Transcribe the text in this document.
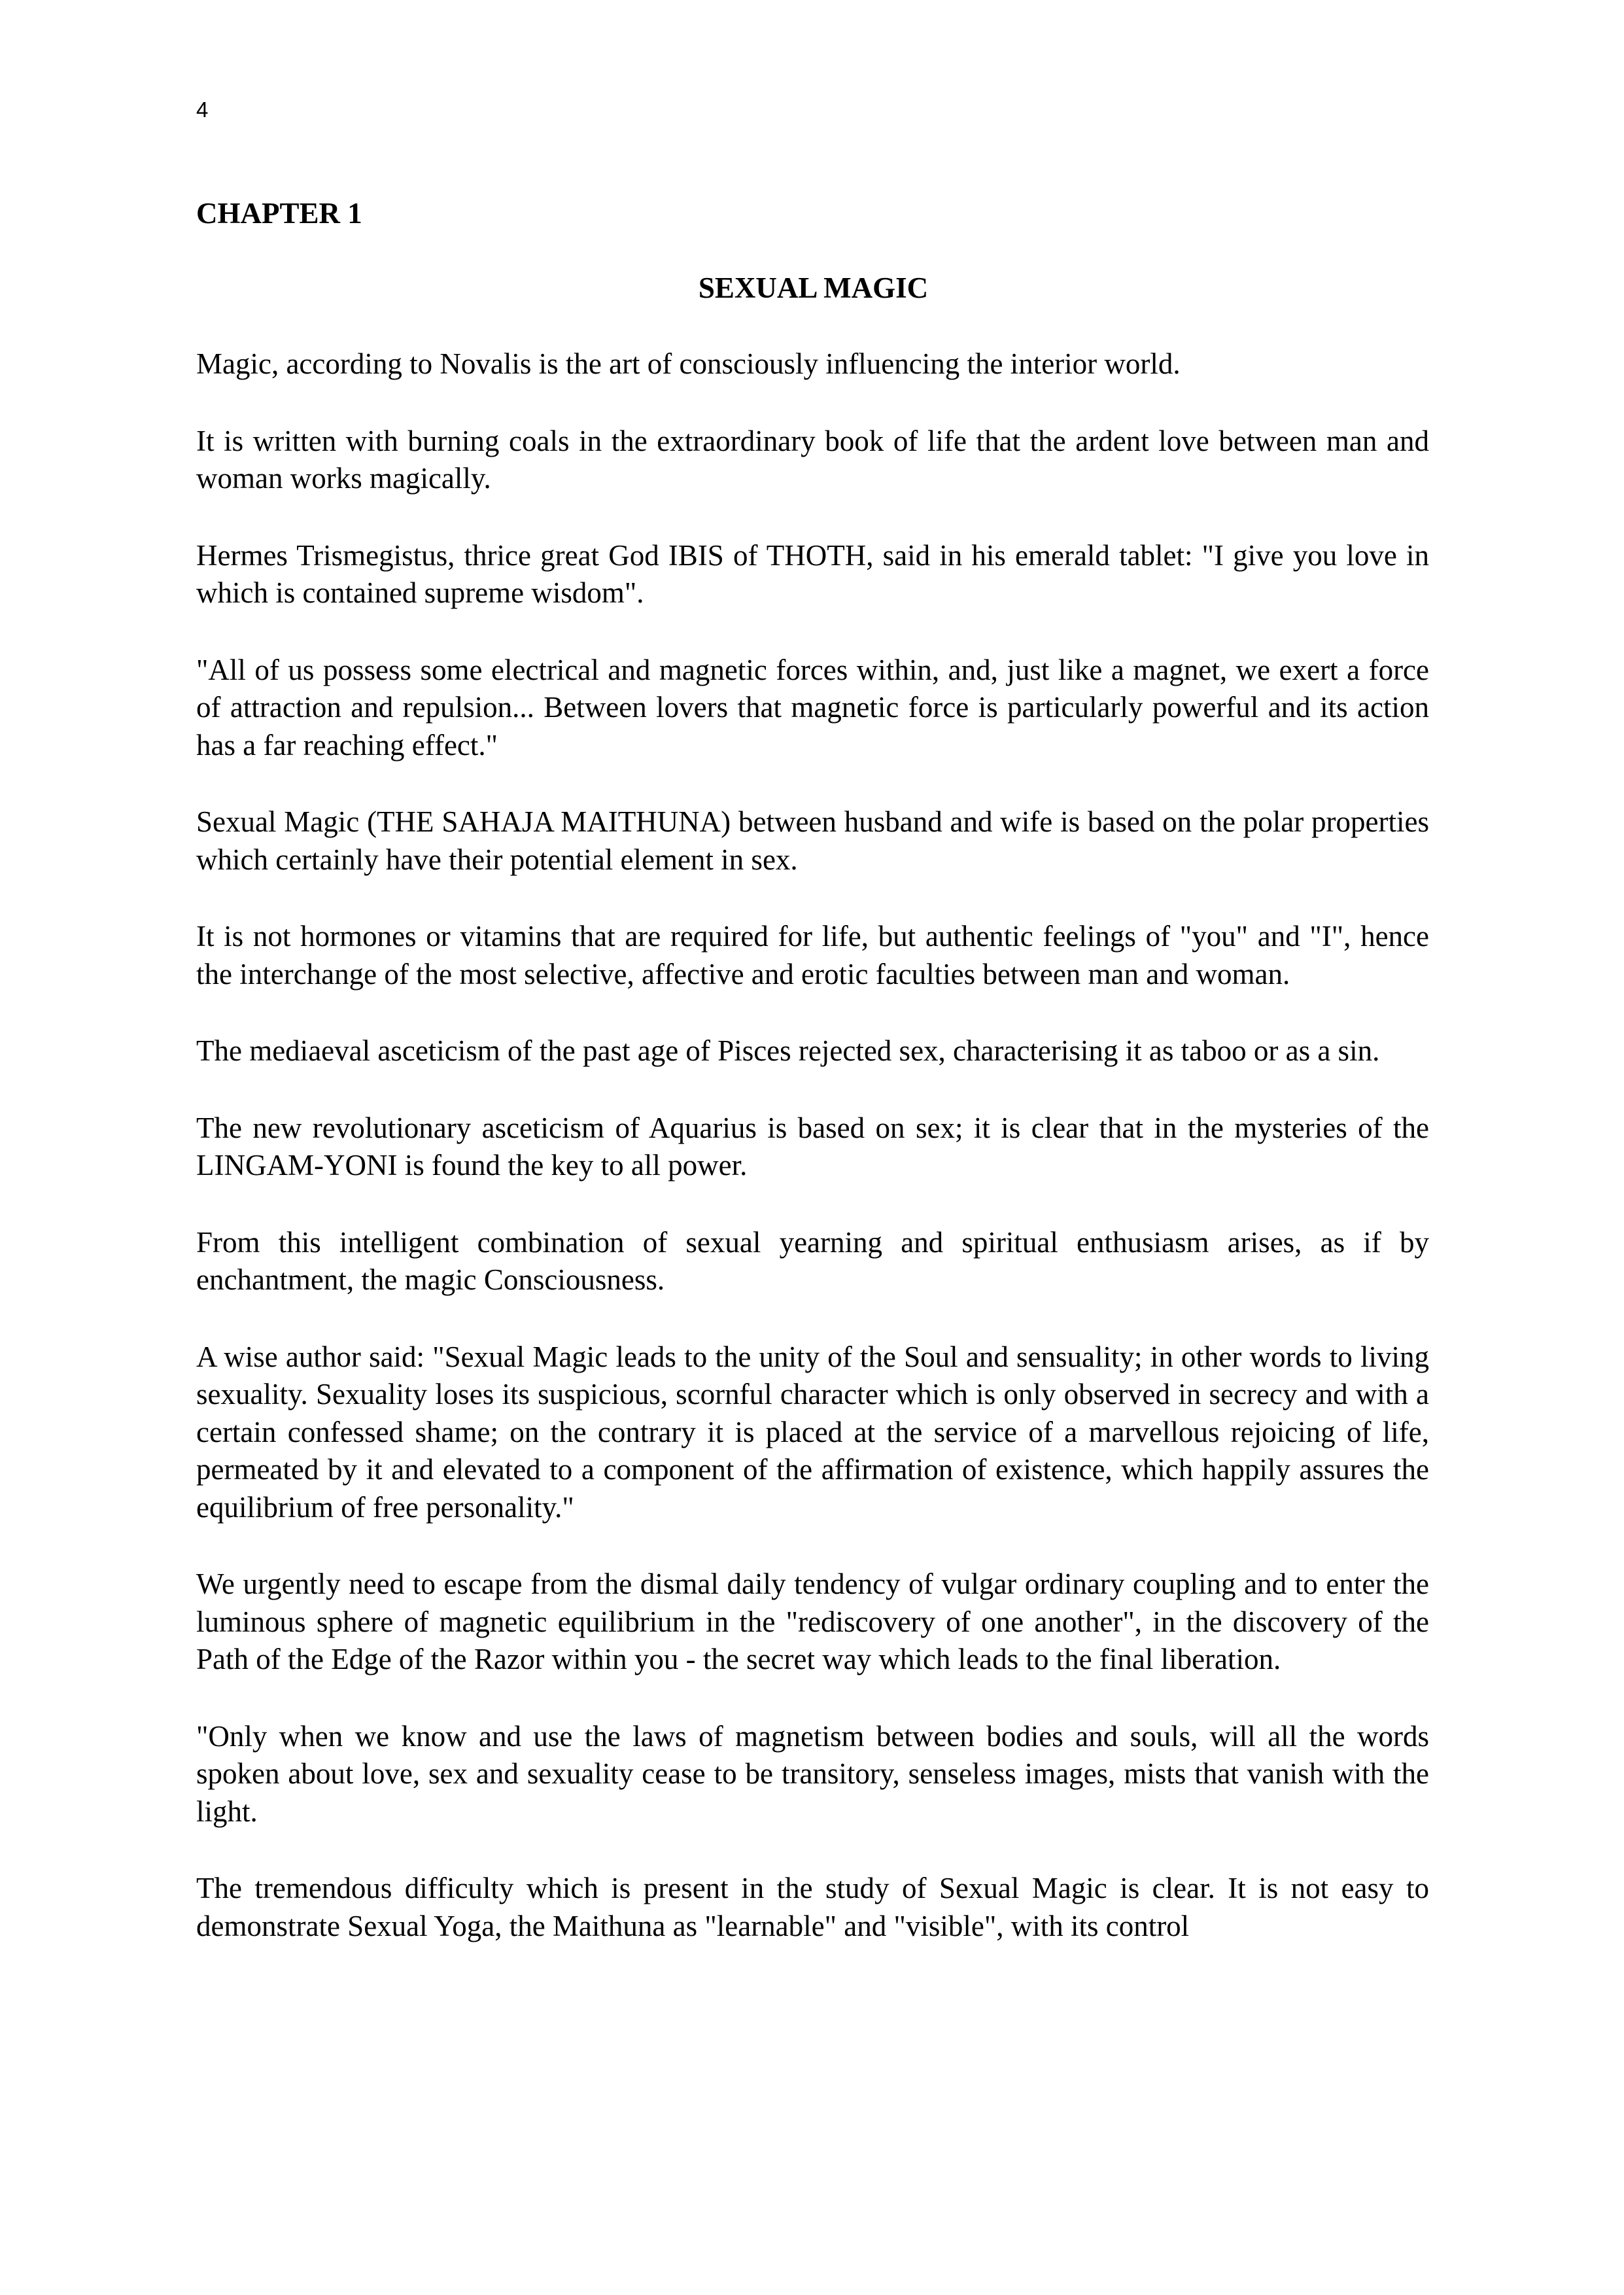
4
CHAPTER 1
SEXUAL MAGIC

Magic, according to Novalis is the art of consciously influencing the interior world.

It is written with burning coals in the extraordinary book of life that the ardent love between man and woman works magically.

Hermes Trismegistus, thrice great God IBIS of THOTH, said in his emerald tablet: "I give you love in which is contained supreme wisdom".

"All of us possess some electrical and magnetic forces within, and, just like a magnet, we exert a force of attraction and repulsion... Between lovers that magnetic force is particularly powerful and its action has a far reaching effect."

Sexual Magic (THE SAHAJA MAITHUNA) between husband and wife is based on the polar properties which certainly have their potential element in sex.

It is not hormones or vitamins that are required for life, but authentic feelings of "you" and "I", hence the interchange of the most selective, affective and erotic faculties between man and woman.

The mediaeval asceticism of the past age of Pisces rejected sex, characterising it as taboo or as a sin.

The new revolutionary asceticism of Aquarius is based on sex; it is clear that in the mysteries of the LINGAM-YONI is found the key to all power.

From this intelligent combination of sexual yearning and spiritual enthusiasm arises, as if by enchantment, the magic Consciousness.

A wise author said: "Sexual Magic leads to the unity of the Soul and sensuality; in other words to living sexuality. Sexuality loses its suspicious, scornful character which is only observed in secrecy and with a certain confessed shame; on the contrary it is placed at the service of a marvellous rejoicing of life, permeated by it and elevated to a component of the affirmation of existence, which happily assures the equilibrium of free personality."

We urgently need to escape from the dismal daily tendency of vulgar ordinary coupling and to enter the luminous sphere of magnetic equilibrium in the "rediscovery of one another", in the discovery of the Path of the Edge of the Razor within you - the secret way which leads to the final liberation.

"Only when we know and use the laws of magnetism between bodies and souls, will all the words spoken about love, sex and sexuality cease to be transitory, senseless images, mists that vanish with the light.

The tremendous difficulty which is present in the study of Sexual Magic is clear. It is not easy to demonstrate Sexual Yoga, the Maithuna as "learnable" and "visible", with its control
